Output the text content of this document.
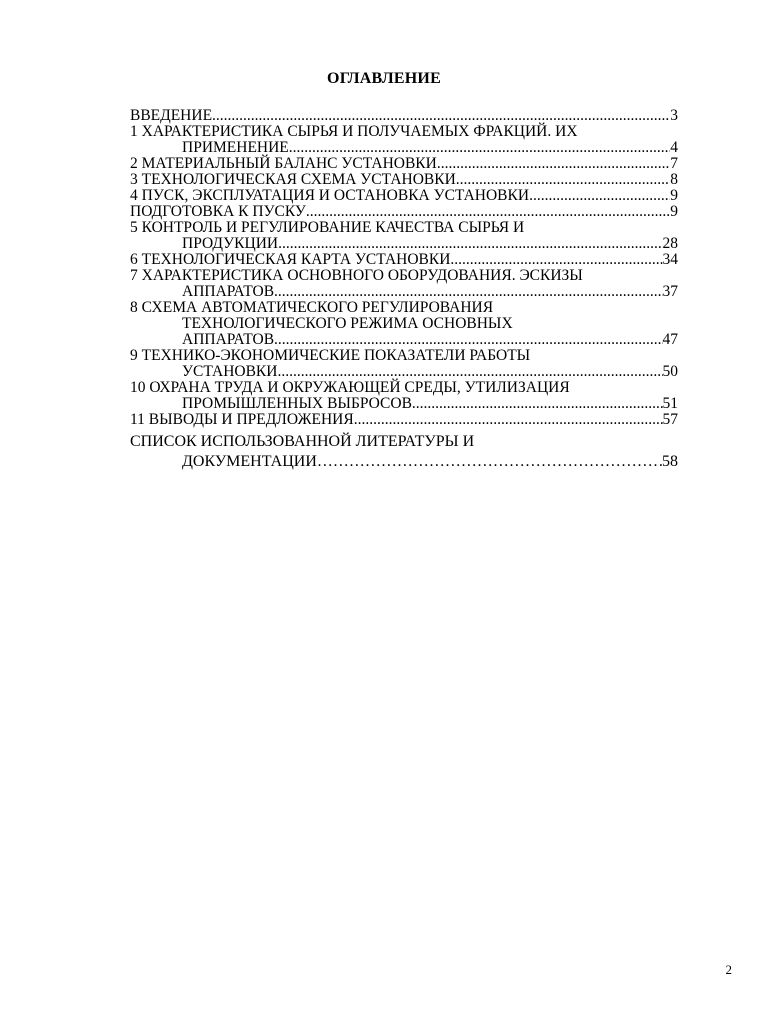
ОГЛАВЛЕНИЕ
ВВЕДЕНИЕ .....	3
1 ХАРАКТЕРИСТИКА СЫРЬЯ И ПОЛУЧАЕМЫХ ФРАКЦИЙ. ИХ
ПРИМЕНЕНИЕ .....	4
2 МАТЕРИАЛЬНЫЙ БАЛАНС УСТАНОВКИ .....	7
3 ТЕХНОЛОГИЧЕСКАЯ СХЕМА УСТАНОВКИ .....	8
4 ПУСК, ЭКСПЛУАТАЦИЯ И ОСТАНОВКА УСТАНОВКИ .....	9
ПОДГОТОВКА К ПУСКУ .....	9
5 КОНТРОЛЬ И РЕГУЛИРОВАНИЕ КАЧЕСТВА СЫРЬЯ И
ПРОДУКЦИИ .....	28
6 ТЕХНОЛОГИЧЕСКАЯ КАРТА УСТАНОВКИ .....	34
7 ХАРАКТЕРИСТИКА ОСНОВНОГО ОБОРУДОВАНИЯ. ЭСКИЗЫ
АППАРАТОВ .....	37
8 СХЕМА АВТОМАТИЧЕСКОГО РЕГУЛИРОВАНИЯ
ТЕХНОЛОГИЧЕСКОГО РЕЖИМА ОСНОВНЫХ
АППАРАТОВ .....	47
9 ТЕХНИКО-ЭКОНОМИЧЕСКИЕ ПОКАЗАТЕЛИ РАБОТЫ
УСТАНОВКИ .....	50
10 ОХРАНА ТРУДА И ОКРУЖАЮЩЕЙ СРЕДЫ, УТИЛИЗАЦИЯ
ПРОМЫШЛЕННЫХ ВЫБРОСОВ .....	51
11 ВЫВОДЫ И ПРЕДЛОЖЕНИЯ .....	57
СПИСОК ИСПОЛЬЗОВАННОЙ ЛИТЕРАТУРЫ И
ДОКУМЕНТАЦИИ ………………………………………………………………………………………………………………………………………………………………………	58
2
